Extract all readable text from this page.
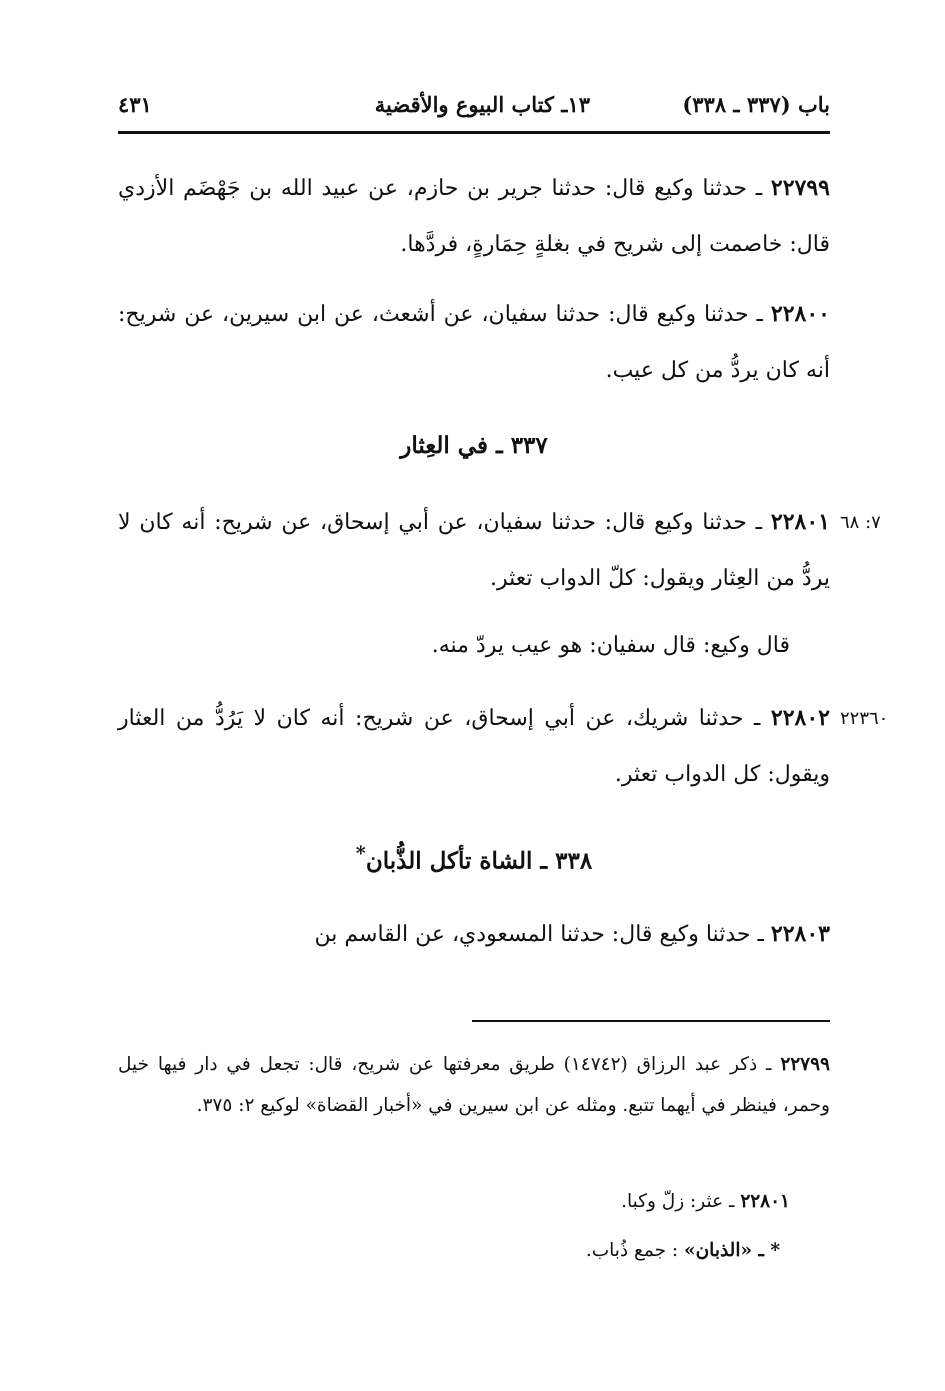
باب (٣٣٧ ـ ٣٣٨)
١٣ـ كتاب البيوع والأقضية
٤٣١
٢٢٧٩٩ ـ حدثنا وكيع قال: حدثنا جرير بن حازم، عن عبيد الله بن جَهْضَم الأزدي قال: خاصمت إلى شريح في بغلةٍ حِمَارةٍ، فردَّها.
٢٢٨٠٠ ـ حدثنا وكيع قال: حدثنا سفيان، عن أشعث، عن ابن سيرين، عن شريح: أنه كان يردُّ من كل عيب.
٣٣٧ ـ في العِثار
٧: ٦٨
٢٢٨٠١ ـ حدثنا وكيع قال: حدثنا سفيان، عن أبي إسحاق، عن شريح: أنه كان لا يردُّ من العِثار ويقول: كلّ الدواب تعثر.
قال وكيع: قال سفيان: هو عيب يردّ منه.
٢٢٣٦٠
٢٢٨٠٢ ـ حدثنا شريك، عن أبي إسحاق، عن شريح: أنه كان لا يَرُدُّ من العثار ويقول: كل الدواب تعثر.
٣٣٨ ـ الشاة تأكل الذُّبان*
٢٢٨٠٣ ـ حدثنا وكيع قال: حدثنا المسعودي، عن القاسم بن
٢٢٧٩٩ ـ ذكر عبد الرزاق (١٤٧٤٢) طريق معرفتها عن شريح، قال: تجعل في دار فيها خيل وحمر، فينظر في أيهما تتبع. ومثله عن ابن سيرين في «أخبار القضاة» لوكيع ٢: ٣٧٥.
٢٢٨٠١ ـ عثر: زلّ وكبا.
* ـ «الذبان» : جمع ذُباب.
